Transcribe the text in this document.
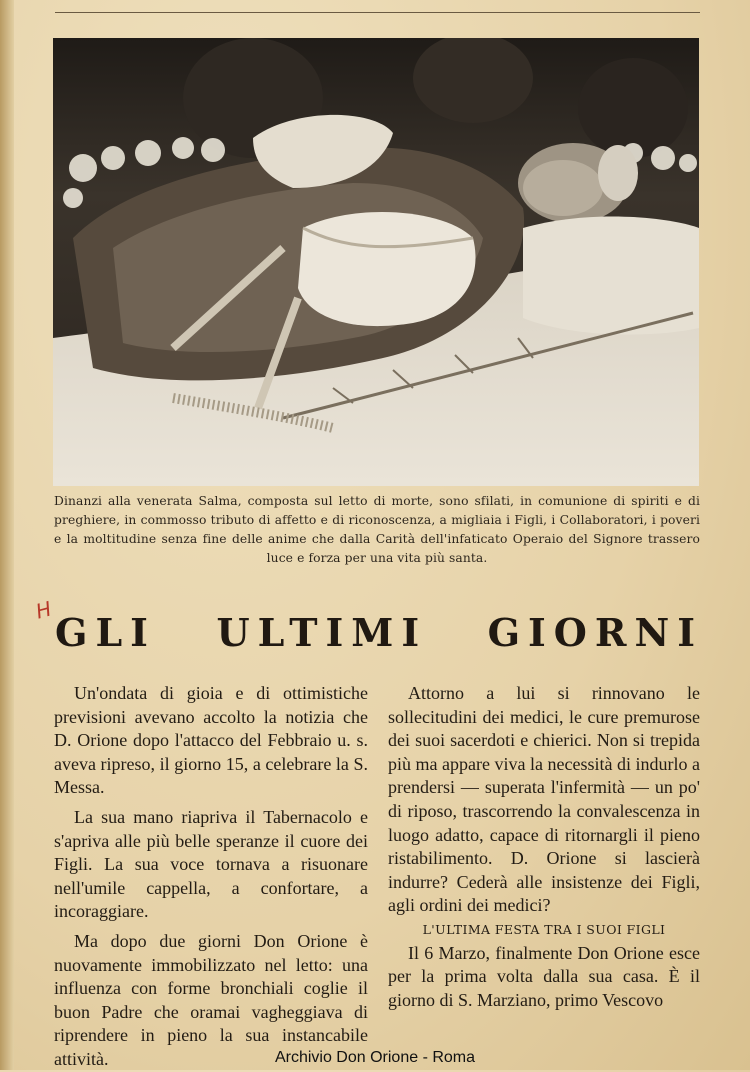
Dinanzi alla venerata Salma, composta sul letto di morte, sono sfilati, in comunione di spiriti e di preghiere, in commosso tributo di affetto e di riconoscenza, a migliaia i Figli, i Collaboratori, i poveri e la moltitudine senza fine delle anime che dalla Carità dell'infaticato Operaio del Signore trassero luce e forza per una vita più santa.
H GLI ULTIMI GIORNI

Un'ondata di gioia e di ottimistiche previsioni avevano accolto la notizia che D. Orione dopo l'attacco del Febbraio u. s. aveva ripreso, il giorno 15, a celebrare la S. Messa.

La sua mano riapriva il Tabernacolo e s'apriva alle più belle speranze il cuore dei Figli. La sua voce tornava a risuonare nell'umile cappella, a confortare, a incoraggiare.

Ma dopo due giorni Don Orione è nuovamente immobilizzato nel letto: una influenza con forme bronchiali coglie il buon Padre che oramai vagheggiava di riprendere in pieno la sua instancabile attività.

Attorno a lui si rinnovano le sollecitudini dei medici, le cure premurose dei suoi sacerdoti e chierici. Non si trepida più ma appare viva la necessità di indurlo a prendersi — superata l'infermità — un po' di riposo, trascorrendo la convalescenza in luogo adatto, capace di ritornargli il pieno ristabilimento. D. Orione si lascierà indurre? Cederà alle insistenze dei Figli, agli ordini dei medici?

L'ULTIMA FESTA TRA I SUOI FIGLI

Il 6 Marzo, finalmente Don Orione esce per la prima volta dalla sua casa. È il giorno di S. Marziano, primo Vescovo

Archivio Don Orione - Roma
